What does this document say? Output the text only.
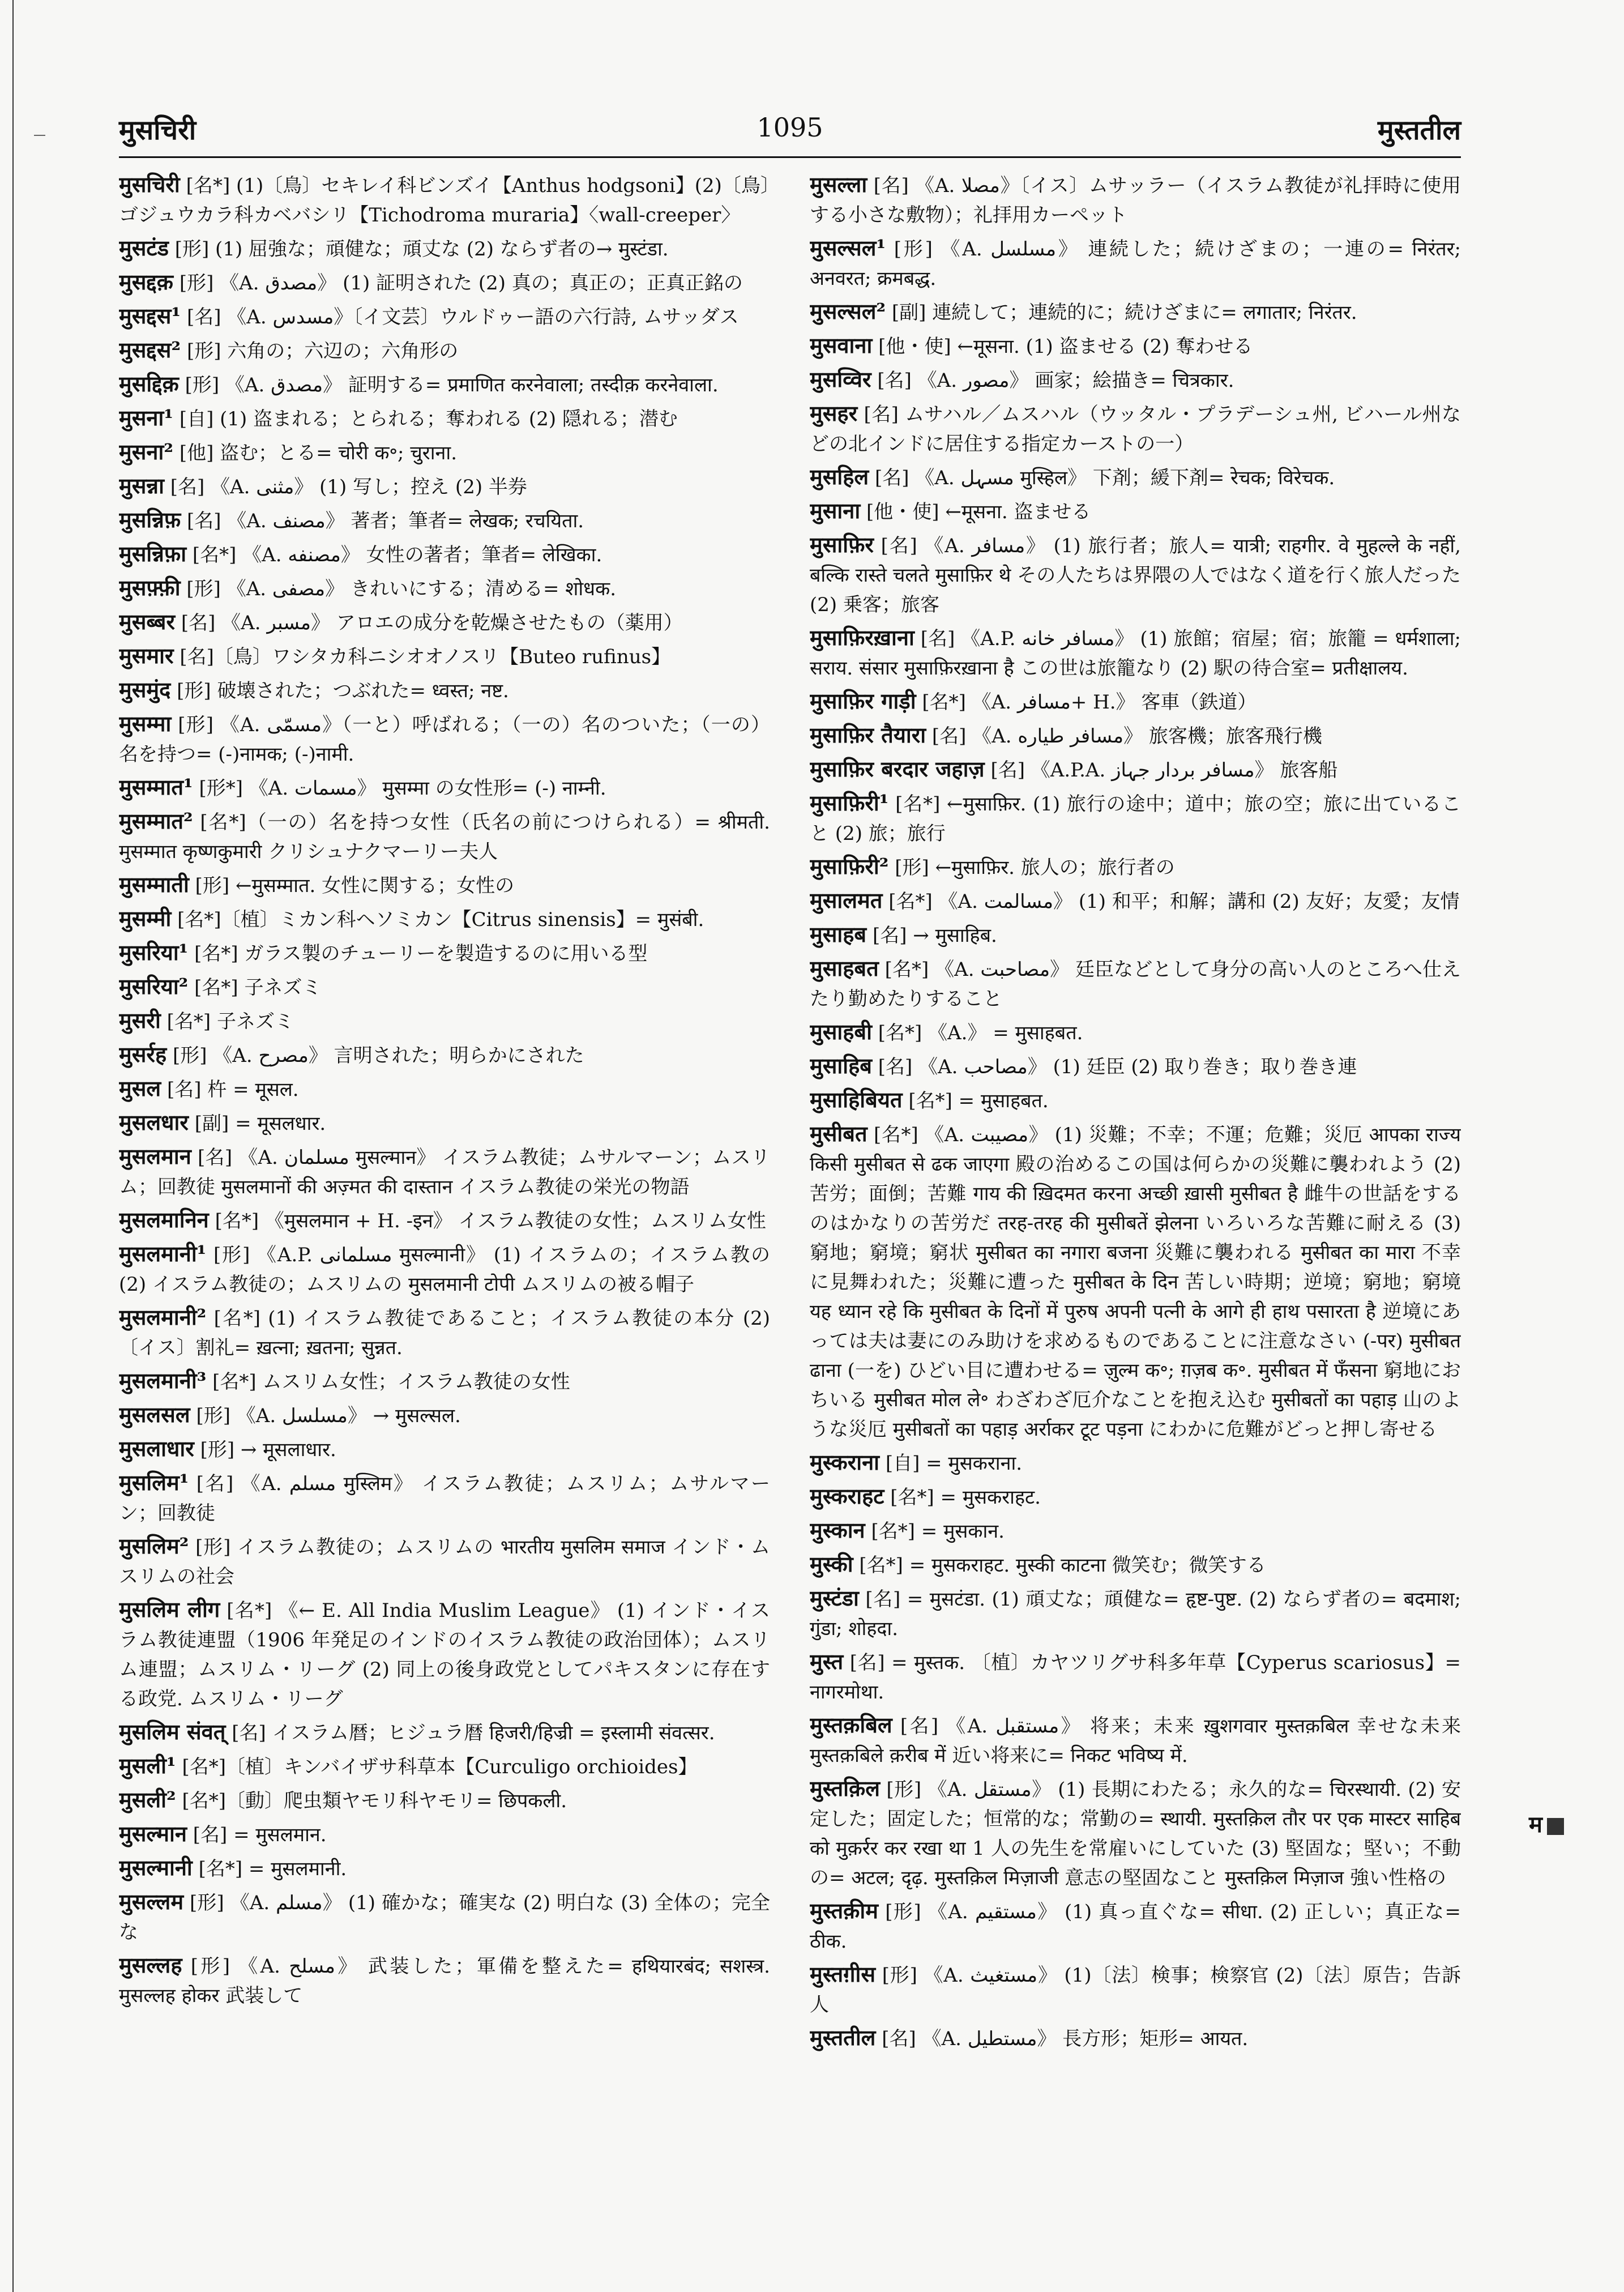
मुसचिरी	1095	मुस्ततील
मुसचिरी [名*] (1)〔鳥〕セキレイ科ビンズイ【Anthus hodgsoni】(2)〔鳥〕ゴジュウカラ科カベバシリ【Tichodroma muraria】〈wall-creeper〉
मुसटंड [形] (1) 屈強な；頑健な；頑丈な (2) ならず者の→ मुस्टंडा.
मुसद्दक़ [形] 《A. مصدق》 (1) 証明された (2) 真の；真正の；正真正銘の
मुसद्दस¹ [名] 《A. مسدس》〔イ文芸〕ウルドゥー語の六行詩, ムサッダス
मुसद्दस² [形] 六角の；六辺の；六角形の
मुसद्दिक़ [形] 《A. مصدق》 証明する= प्रमाणित करनेवाला; तस्दीक़ करनेवाला.
मुसना¹ [自] (1) 盗まれる；とられる；奪われる (2) 隠れる；潜む
मुसना² [他] 盗む；とる= चोरी क॰; चुराना.
मुसन्ना [名] 《A. مثنی》 (1) 写し；控え (2) 半券
मुसन्निफ़ [名] 《A. مصنف》 著者；筆者= लेखक; रचयिता.
मुसन्निफ़ा [名*] 《A. مصنفه》 女性の著者；筆者= लेखिका.
मुसफ़्फ़ी [形] 《A. مصفی》 きれいにする；清める= शोधक.
मुसब्बर [名] 《A. مسبر》 アロエの成分を乾燥させたもの（薬用）
मुसमार [名]〔鳥〕ワシタカ科ニシオオノスリ【Buteo rufinus】
मुसमुंद [形] 破壊された；つぶれた= ध्वस्त; नष्ट.
मुसम्मा [形] 《A. مسمّی》（一と）呼ばれる；（一の）名のついた；（一の）名を持つ= (-)नामक; (-)नामी.
मुसम्मात¹ [形*] 《A. مسمات》 मुसम्मा の女性形= (-) नाम्नी.
मुसम्मात² [名*]（一の）名を持つ女性（氏名の前につけられる）= श्रीमती. मुसम्मात कृष्णकुमारी クリシュナクマーリー夫人
मुसम्माती [形] ←मुसम्मात. 女性に関する；女性の
मुसम्मी [名*]〔植〕ミカン科ヘソミカン【Citrus sinensis】= मुसंबी.
मुसरिया¹ [名*] ガラス製のチューリーを製造するのに用いる型
मुसरिया² [名*] 子ネズミ
मुसरी [名*] 子ネズミ
मुसर्रह [形] 《A. مصرح》 言明された；明らかにされた
मुसल [名] 杵 = मूसल.
मुसलधार [副] = मूसलधार.
मुसलमान [名] 《A. مسلمان मुसल्मान》 イスラム教徒；ムサルマーン；ムスリム；回教徒 मुसलमानों की अज़्मत की दास्तान イスラム教徒の栄光の物語
मुसलमानिन [名*] 《मुसलमान + H. -इन》 イスラム教徒の女性；ムスリム女性
मुसलमानी¹ [形] 《A.P. مسلمانی मुसल्मानी》 (1) イスラムの；イスラム教の (2) イスラム教徒の；ムスリムの मुसलमानी टोपी ムスリムの被る帽子
मुसलमानी² [名*] (1) イスラム教徒であること；イスラム教徒の本分 (2)〔イス〕割礼= ख़त्ना; ख़तना; सुन्नत.
मुसलमानी³ [名*] ムスリム女性；イスラム教徒の女性
मुसलसल [形] 《A. مسلسل》 → मुसल्सल.
मुसलाधार [形] → मूसलाधार.
मुसलिम¹ [名] 《A. مسلم मुस्लिम》 イスラム教徒；ムスリム；ムサルマーン；回教徒
मुसलिम² [形] イスラム教徒の；ムスリムの भारतीय मुसलिम समाज インド・ムスリムの社会
मुसलिम लीग [名*] 《← E. All India Muslim League》 (1) インド・イスラム教徒連盟（1906 年発足のインドのイスラム教徒の政治団体）；ムスリム連盟；ムスリム・リーグ (2) 同上の後身政党としてパキスタンに存在する政党. ムスリム・リーグ
मुसलिम संवत् [名] イスラム暦；ヒジュラ暦 हिजरी/हिज्री = इस्लामी संवत्सर.
मुसली¹ [名*]〔植〕キンバイザサ科草本【Curculigo orchioides】
मुसली² [名*]〔動〕爬虫類ヤモリ科ヤモリ= छिपकली.
मुसल्मान [名] = मुसलमान.
मुसल्मानी [名*] = मुसलमानी.
मुसल्लम [形] 《A. مسلم》 (1) 確かな；確実な (2) 明白な (3) 全体の；完全な
मुसल्लह [形] 《A. مسلح》 武装した；軍備を整えた= हथियारबंद; सशस्त्र. मुसल्लह होकर 武装して
मुसल्ला [名] 《A. مصلا》〔イス〕ムサッラー（イスラム教徒が礼拝時に使用する小さな敷物）；礼拝用カーペット
मुसल्सल¹ [形] 《A. مسلسل》 連続した；続けざまの；一連の= निरंतर; अनवरत; क्रमबद्ध.
मुसल्सल² [副] 連続して；連続的に；続けざまに= लगातार; निरंतर.
मुसवाना [他・使] ←मूसना. (1) 盗ませる (2) 奪わせる
मुसव्विर [名] 《A. مصور》 画家；絵描き= चित्रकार.
मुसहर [名] ムサハル／ムスハル（ウッタル・プラデーシュ州, ビハール州などの北インドに居住する指定カーストの一）
मुसहिल [名] 《A. مسہل मुस्हिल》 下剤；緩下剤= रेचक; विरेचक.
मुसाना [他・使] ←मूसना. 盗ませる
मुसाफ़िर [名] 《A. مسافر》 (1) 旅行者；旅人= यात्री; राहगीर. वे मुहल्ले के नहीं, बल्कि रास्ते चलते मुसाफ़िर थे その人たちは界隈の人ではなく道を行く旅人だった (2) 乗客；旅客
मुसाफ़िरख़ाना [名] 《A.P. مسافر خانه》 (1) 旅館；宿屋；宿；旅籠 = धर्मशाला; सराय. संसार मुसाफ़िरख़ाना है この世は旅籠なり (2) 駅の待合室= प्रतीक्षालय.
मुसाफ़िर गाड़ी [名*] 《A. مسافر+ H.》 客車（鉄道）
मुसाफ़िर तैयारा [名] 《A. مسافر طیاره》 旅客機；旅客飛行機
मुसाफ़िर बरदार जहाज़ [名] 《A.P.A. مسافر بردار جہاز》 旅客船
मुसाफ़िरी¹ [名*] ←मुसाफ़िर. (1) 旅行の途中；道中；旅の空；旅に出ていること (2) 旅；旅行
मुसाफ़िरी² [形] ←मुसाफ़िर. 旅人の；旅行者の
मुसालमत [名*] 《A. مسالمت》 (1) 和平；和解；講和 (2) 友好；友愛；友情
मुसाहब [名] → मुसाहिब.
मुसाहबत [名*] 《A. مصاحبت》 廷臣などとして身分の高い人のところへ仕えたり勤めたりすること
मुसाहबी [名*] 《A.》 = मुसाहबत.
मुसाहिब [名] 《A. مصاحب》 (1) 廷臣 (2) 取り巻き；取り巻き連
मुसाहिबियत [名*] = मुसाहबत.
मुसीबत [名*] 《A. مصیبت》 (1) 災難；不幸；不運；危難；災厄 आपका राज्य किसी मुसीबत से ढक जाएगा 殿の治めるこの国は何らかの災難に襲われよう (2) 苦労；面倒；苦難 गाय की ख़िदमत करना अच्छी ख़ासी मुसीबत है 雌牛の世話をするのはかなりの苦労だ तरह-तरह की मुसीबतें झेलना いろいろな苦難に耐える (3) 窮地；窮境；窮状 मुसीबत का नगारा बजना 災難に襲われる मुसीबत का मारा 不幸に見舞われた；災難に遭った मुसीबत के दिन 苦しい時期；逆境；窮地；窮境 यह ध्यान रहे कि मुसीबत के दिनों में पुरुष अपनी पत्नी के आगे ही हाथ पसारता है 逆境にあっては夫は妻にのみ助けを求めるものであることに注意なさい (-पर) मुसीबत ढाना (一を) ひどい目に遭わせる= ज़ुल्म क॰; ग़ज़ब क॰. मुसीबत में फँसना 窮地におちいる मुसीबत मोल ले॰ わざわざ厄介なことを抱え込む मुसीबतों का पहाड़ 山のような災厄 मुसीबतों का पहाड़ अर्राकर टूट पड़ना にわかに危難がどっと押し寄せる
मुस्कराना [自] = मुसकराना.
मुस्कराहट [名*] = मुसकराहट.
मुस्कान [名*] = मुसकान.
मुस्की [名*] = मुसकराहट. मुस्की काटना 微笑む；微笑する
मुस्टंडा [名] = मुसटंडा. (1) 頑丈な；頑健な= हृष्ट-पुष्ट. (2) ならず者の= बदमाश; गुंडा; शोहदा.
मुस्त [名] = मुस्तक. 〔植〕カヤツリグサ科多年草【Cyperus scariosus】= नागरमोथा.
मुस्तक़बिल [名] 《A. مستقبل》 将来；未来 ख़ुशगवार मुस्तक़बिल 幸せな未来 मुस्तक़बिले क़रीब में 近い将来に= निकट भविष्य में.
मुस्तक़िल [形] 《A. مستقل》 (1) 長期にわたる；永久的な= चिरस्थायी. (2) 安定した；固定した；恒常的な；常勤の= स्थायी. मुस्तक़िल तौर पर एक मास्टर साहिब को मुक़र्रर कर रखा था 1 人の先生を常雇いにしていた (3) 堅固な；堅い；不動の= अटल; दृढ़. मुस्तक़िल मिज़ाजी 意志の堅固なこと मुस्तक़िल मिज़ाज 強い性格の
मुस्तक़ीम [形] 《A. مستقیم》 (1) 真っ直ぐな= सीधा. (2) 正しい；真正な= ठीक.
मुस्तग़ीस [形] 《A. مستغیث》 (1)〔法〕検事；検察官 (2)〔法〕原告；告訴人
मुस्ततील [名] 《A. مستطیل》 長方形；矩形= आयत.
म
